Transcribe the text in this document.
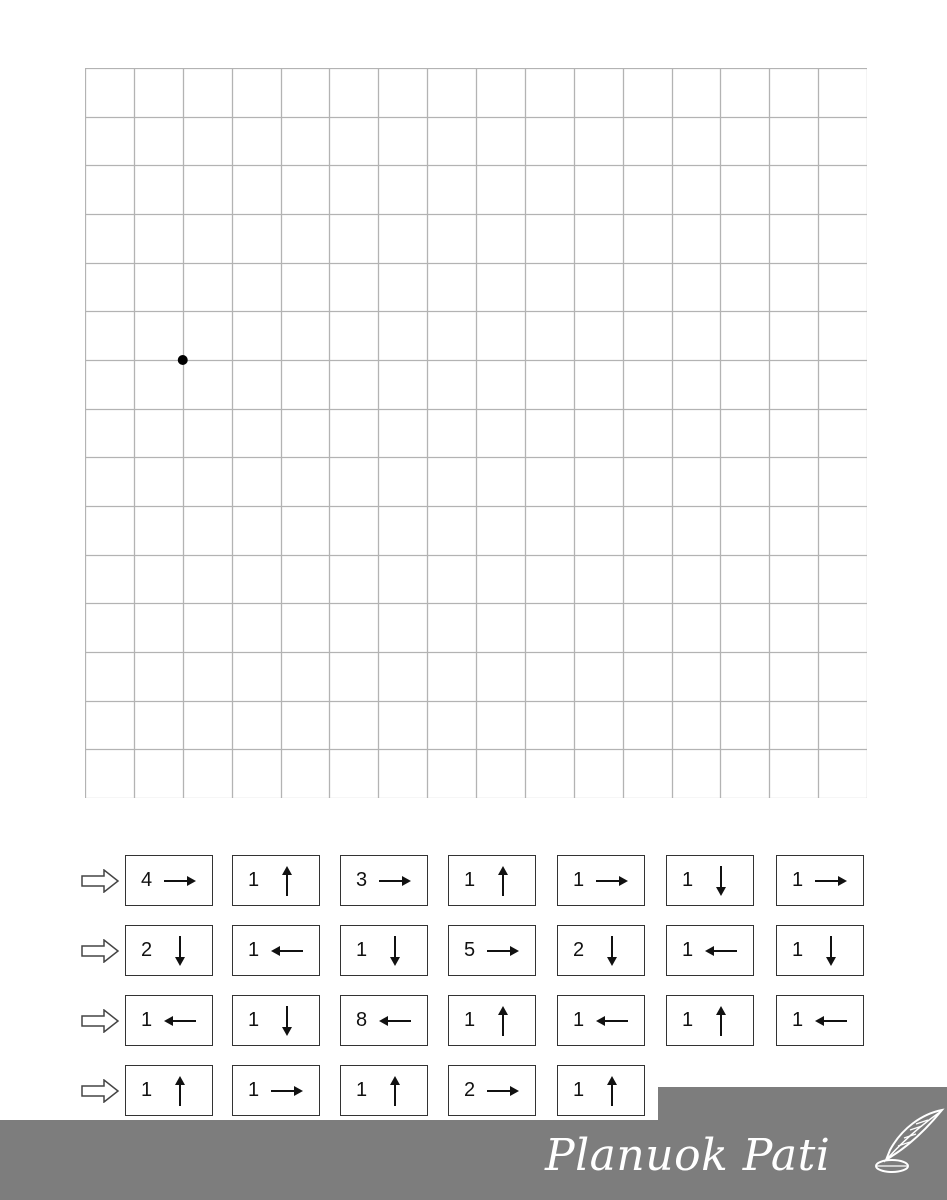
4	1	3	1	1	1	1
2	1	1	5	2	1	1
1	1	8	1	1	1	1
1	1	1	2	1
Planuok Pati
